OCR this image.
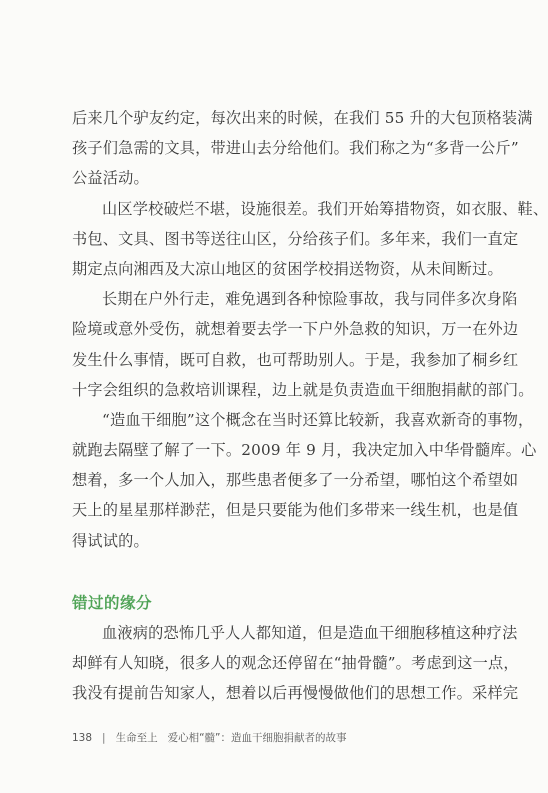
后来几个驴友约定，每次出来的时候，在我们 55 升的大包顶格装满
孩子们急需的文具，带进山去分给他们。我们称之为“多背一公斤”
公益活动。
山区学校破烂不堪，设施很差。我们开始筹措物资，如衣服、鞋、
书包、文具、图书等送往山区，分给孩子们。多年来，我们一直定
期定点向湘西及大凉山地区的贫困学校捐送物资，从未间断过。
长期在户外行走，难免遇到各种惊险事故，我与同伴多次身陷
险境或意外受伤，就想着要去学一下户外急救的知识，万一在外边
发生什么事情，既可自救，也可帮助别人。于是，我参加了桐乡红
十字会组织的急救培训课程，边上就是负责造血干细胞捐献的部门。
“造血干细胞”这个概念在当时还算比较新，我喜欢新奇的事物，
就跑去隔壁了解了一下。2009 年 9 月，我决定加入中华骨髓库。心
想着，多一个人加入，那些患者便多了一分希望，哪怕这个希望如
天上的星星那样渺茫，但是只要能为他们多带来一线生机，也是值
得试试的。
错过的缘分
血液病的恐怖几乎人人都知道，但是造血干细胞移植这种疗法
却鲜有人知晓，很多人的观念还停留在“抽骨髓”。考虑到这一点，
我没有提前告知家人，想着以后再慢慢做他们的思想工作。采样完
138 | 生命至上 爱心相“髓”：造血干细胞捐献者的故事
